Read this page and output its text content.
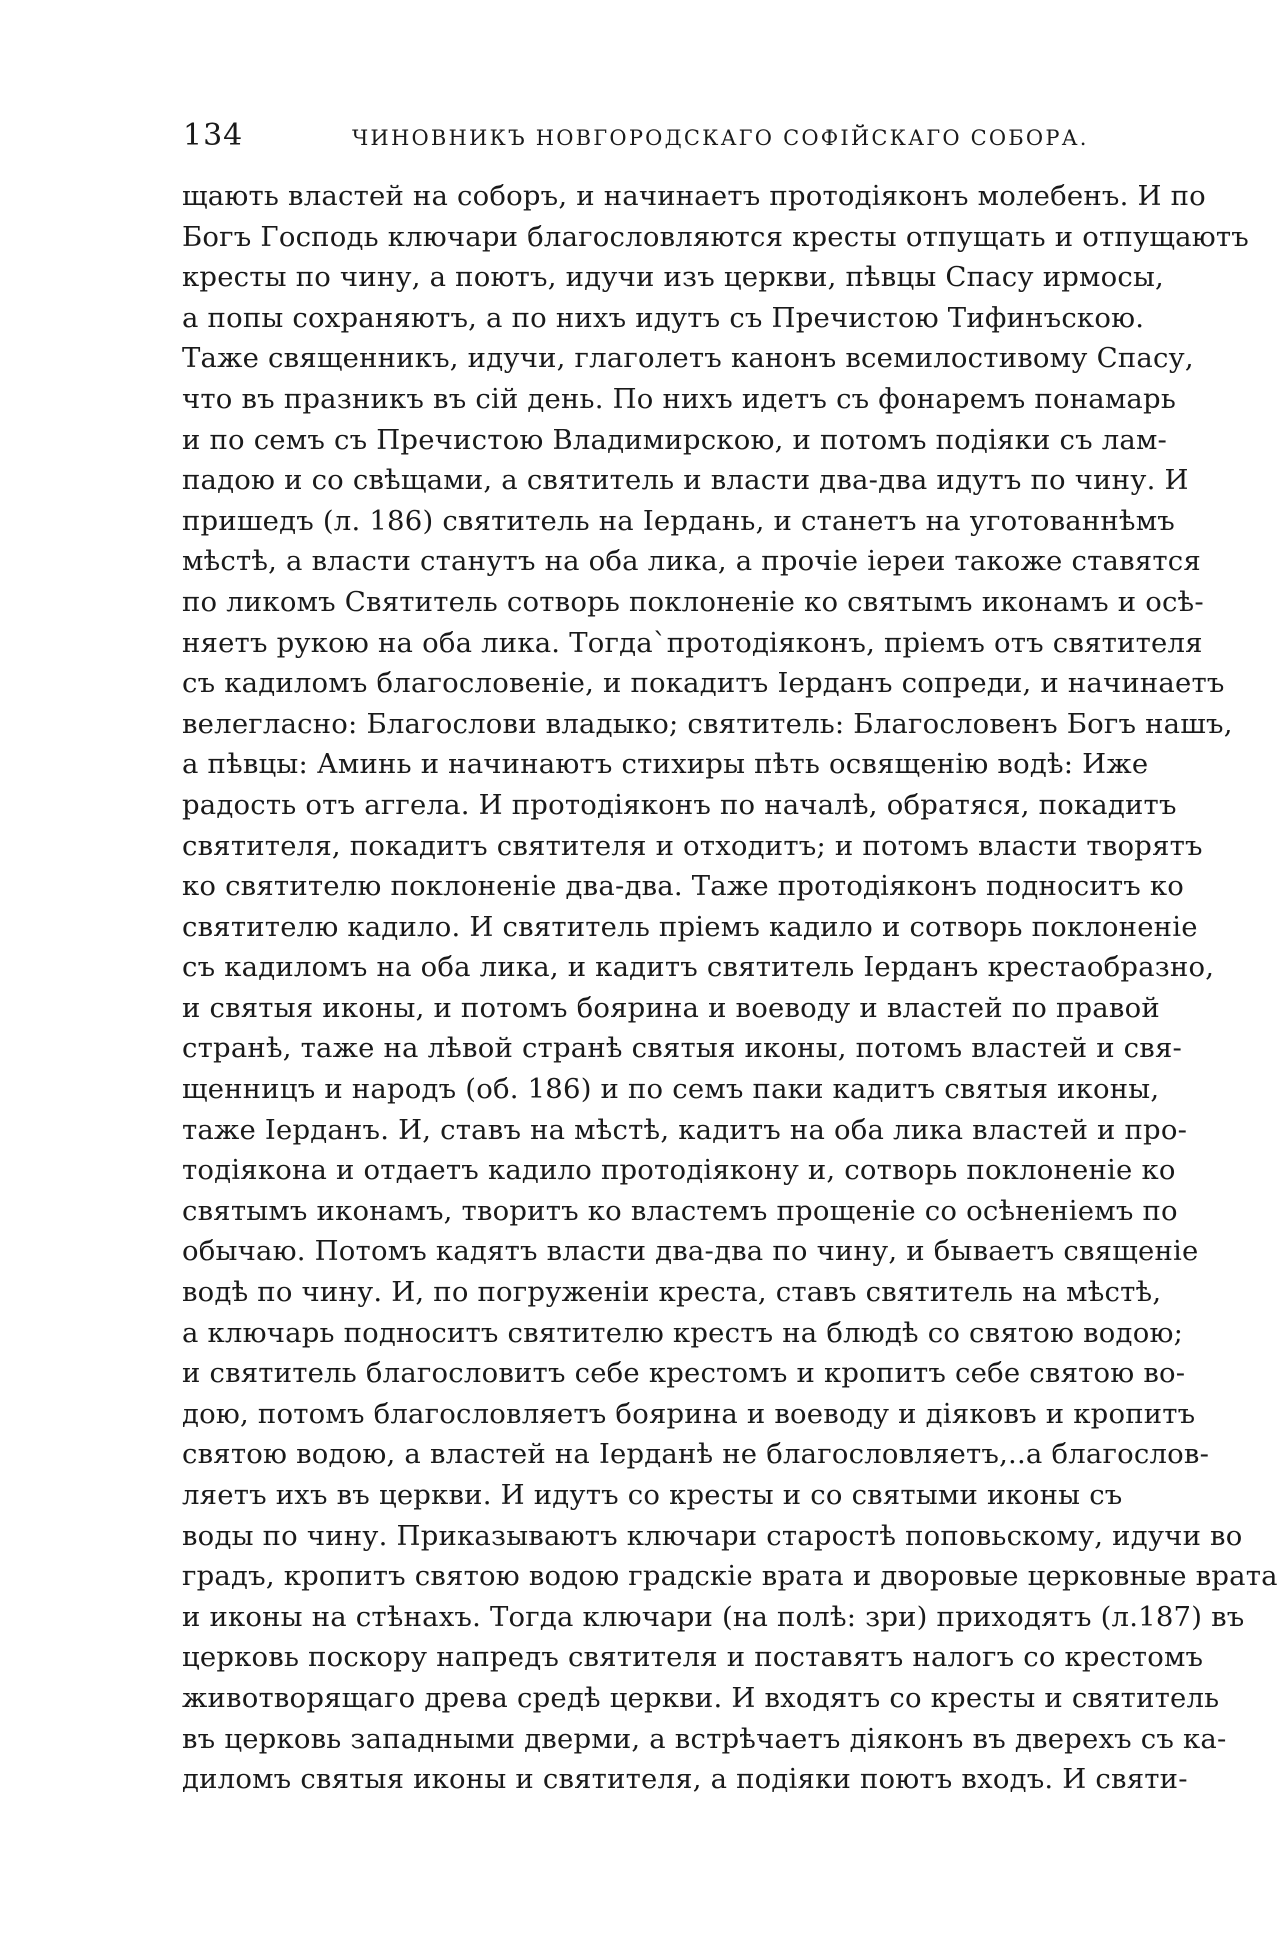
134	ЧИНОВНИКЪ НОВГОРОДСКАГО СОФІЙСКАГО СОБОРА.
щають властей на соборъ, и начинаетъ протодіяконъ молебенъ. И по
Богъ Господь ключари благословляются кресты отпущать и отпущаютъ
кресты по чину, а поютъ, идучи изъ церкви, пѣвцы Спасу ирмосы,
а попы сохраняютъ, а по нихъ идутъ съ Пречистою Тифинъскою.
Таже священникъ, идучи, глаголетъ канонъ всемилостивому Спасу,
что въ празникъ въ сій день. По нихъ идетъ съ фонаремъ понамарь
и по семъ съ Пречистою Владимирскою, и потомъ подіяки съ лам-
падою и со свѣщами, а святитель и власти два-два идутъ по чину. И
пришедъ (л. 186) святитель на Іердань, и станетъ на уготованнѣмъ
мѣстѣ, а власти станутъ на оба лика, а прочіе іереи такоже ставятся
по ликомъ Святитель сотворь поклоненіе ко святымъ иконамъ и осѣ-
няетъ рукою на оба лика. Тогда`протодіяконъ, пріемъ отъ святителя
съ кадиломъ благословеніе, и покадитъ Іерданъ сопреди, и начинаетъ
велегласно: Благослови владыко; святитель: Благословенъ Богъ нашъ,
а пѣвцы: Аминь и начинаютъ стихиры пѣть освященію водѣ: Иже
радость отъ аггела. И протодіяконъ по началѣ, обратяся, покадитъ
святителя, покадитъ святителя и отходитъ; и потомъ власти творятъ
ко святителю поклоненіе два-два. Таже протодіяконъ подноситъ ко
святителю кадило. И святитель пріемъ кадило и сотворь поклоненіе
съ кадиломъ на оба лика, и кадитъ святитель Іерданъ крестаобразно,
и святыя иконы, и потомъ боярина и воеводу и властей по правой
странѣ, таже на лѣвой странѣ святыя иконы, потомъ властей и свя-
щенницъ и народъ (об. 186) и по семъ паки кадитъ святыя иконы,
таже Іерданъ. И, ставъ на мѣстѣ, кадитъ на оба лика властей и про-
тодіякона и отдаетъ кадило протодіякону и, сотворь поклоненіе ко
святымъ иконамъ, творитъ ко властемъ прощеніе со осѣненіемъ по
обычаю. Потомъ кадятъ власти два-два по чину, и бываетъ священіе
водѣ по чину. И, по погруженіи креста, ставъ святитель на мѣстѣ,
а ключарь подноситъ святителю крестъ на блюдѣ со святою водою;
и святитель благословитъ себе крестомъ и кропитъ себе святою во-
дою, потомъ благословляетъ боярина и воеводу и діяковъ и кропитъ
святою водою, а властей на Іерданѣ не благословляетъ,..а благослов-
ляетъ ихъ въ церкви. И идутъ со кресты и со святыми иконы съ
воды по чину. Приказываютъ ключари старостѣ поповьскому, идучи во
градъ, кропитъ святою водою градскіе врата и дворовые церковные врата
и иконы на стѣнахъ. Тогда ключари (на полѣ: зри) приходятъ (л.187) въ
церковь поскору напредъ святителя и поставятъ налогъ со крестомъ
животворящаго древа средѣ церкви. И входятъ со кресты и святитель
въ церковь западными дверми, а встрѣчаетъ діяконъ въ дверехъ съ ка-
диломъ святыя иконы и святителя, а подіяки поютъ входъ. И святи-
